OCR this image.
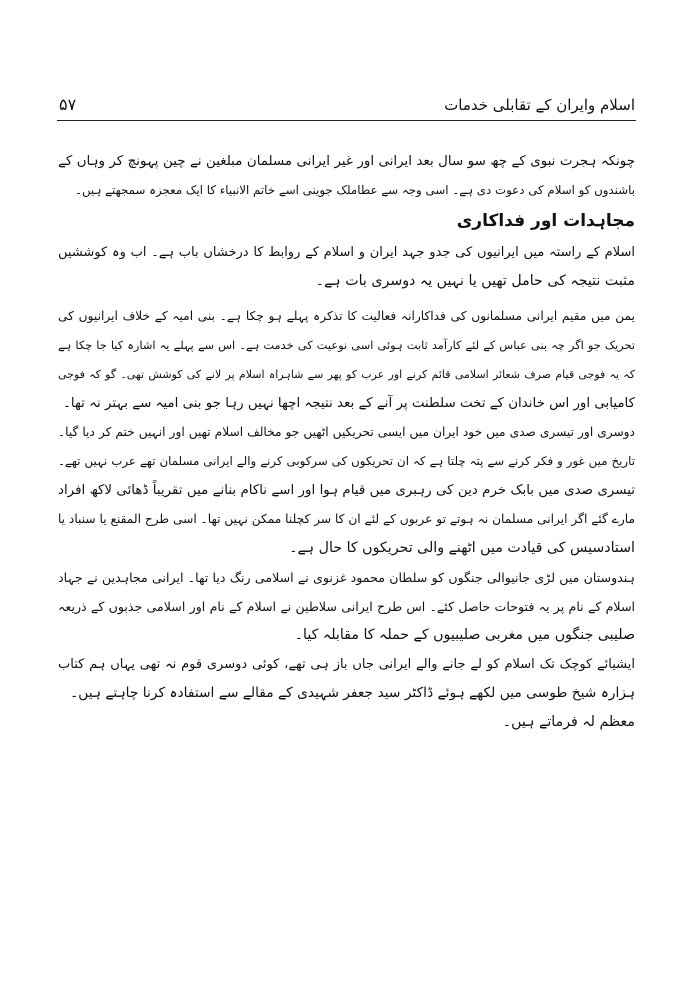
اسلام وایران کے تقابلی خدمات
۵۷
چونکہ ہجرت نبوی کے چھ سو سال بعد ایرانی اور غیر ایرانی مسلمان مبلغین نے چین پہونچ کر وہاں کے
باشندوں کو اسلام کی دعوت دی ہے۔ اسی وجہ سے عطاملک جوینی اسے خاتم الانبیاء کا ایک معجزہ سمجھتے ہیں۔
مجاہدات اور فداکاری
اسلام کے راستہ میں ایرانیوں کی جدو جہد ایران و اسلام کے روابط کا درخشاں باب ہے۔ اب وہ کوششیں
مثبت نتیجہ کی حامل تھیں یا نہیں یہ دوسری بات ہے۔
یمن میں مقیم ایرانی مسلمانوں کی فداکارانہ فعالیت کا تذکرہ پہلے ہو چکا ہے۔ بنی امیہ کے خلاف ایرانیوں کی
تحریک جو اگر چہ بنی عباس کے لئے کارآمد ثابت ہوئی اسی نوعیت کی خدمت ہے۔ اس سے پہلے یہ اشارہ کیا جا چکا ہے
کہ یہ فوجی قیام صرف شعائر اسلامی قائم کرنے اور عرب کو پھر سے شاہراہ اسلام پر لانے کی کوشش تھی۔ گو کہ فوجی
کامیابی اور اس خاندان کے تخت سلطنت پر آنے کے بعد نتیجہ اچھا نہیں رہا جو بنی امیہ سے بہتر نہ تھا۔
دوسری اور تیسری صدی میں خود ایران میں ایسی تحریکیں اٹھیں جو مخالف اسلام تھیں اور انہیں ختم کر دیا گیا۔
تاریخ میں غور و فکر کرنے سے پتہ چلتا ہے کہ ان تحریکوں کی سرکوبی کرنے والے ایرانی مسلمان تھے عرب نہیں تھے۔
تیسری صدی میں بابک خرم دین کی رہبری میں قیام ہوا اور اسے ناکام بنانے میں تقریباً ڈھائی لاکھ افراد
مارے گئے اگر ایرانی مسلمان نہ ہوتے تو عربوں کے لئے ان کا سر کچلنا ممکن نہیں تھا۔ اسی طرح المقنع یا سنباد یا
استادسیس کی قیادت میں اٹھنے والی تحریکوں کا حال ہے۔
ہندوستان میں لڑی جانیوالی جنگوں کو سلطان محمود غزنوی نے اسلامی رنگ دیا تھا۔ ایرانی مجاہدین نے جہاد
اسلام کے نام پر یہ فتوحات حاصل کئے۔ اس طرح ایرانی سلاطین نے اسلام کے نام اور اسلامی جذبوں کے ذریعہ
صلیبی جنگوں میں مغربی صلیبیوں کے حملہ کا مقابلہ کیا۔
ایشیائے کوچک تک اسلام کو لے جانے والے ایرانی جاں باز ہی تھے، کوئی دوسری قوم نہ تھی یہاں ہم کتاب
ہزارہ شیخ طوسی میں لکھے ہوئے ڈاکٹر سید جعفر شہیدی کے مقالے سے استفادہ کرنا چاہتے ہیں۔
معظم لہ فرماتے ہیں۔
